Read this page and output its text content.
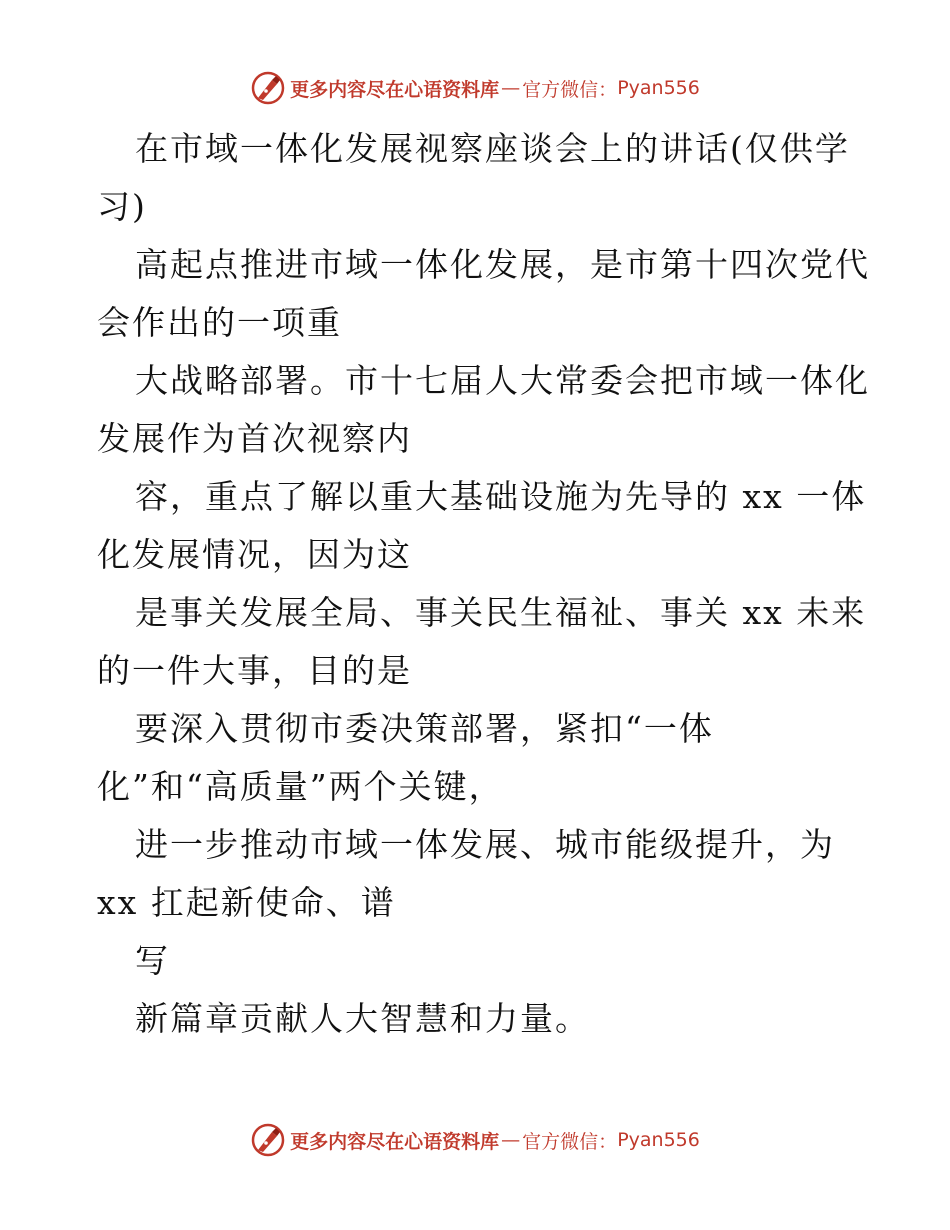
更多内容尽在心语资料库 — 官方微信： Pyan556
在市域一体化发展视察座谈会上的讲话(仅供学
习)
高起点推进市域一体化发展，是市第十四次党代
会作出的一项重
大战略部署。市十七届人大常委会把市域一体化
发展作为首次视察内
容，重点了解以重大基础设施为先导的 xx 一体
化发展情况，因为这
是事关发展全局、事关民生福祉、事关 xx 未来
的一件大事，目的是
要深入贯彻市委决策部署，紧扣“一体
化”和“高质量”两个关键，
进一步推动市域一体发展、城市能级提升，为
xx 扛起新使命、谱
写
新篇章贡献人大智慧和力量。
更多内容尽在心语资料库 — 官方微信： Pyan556
